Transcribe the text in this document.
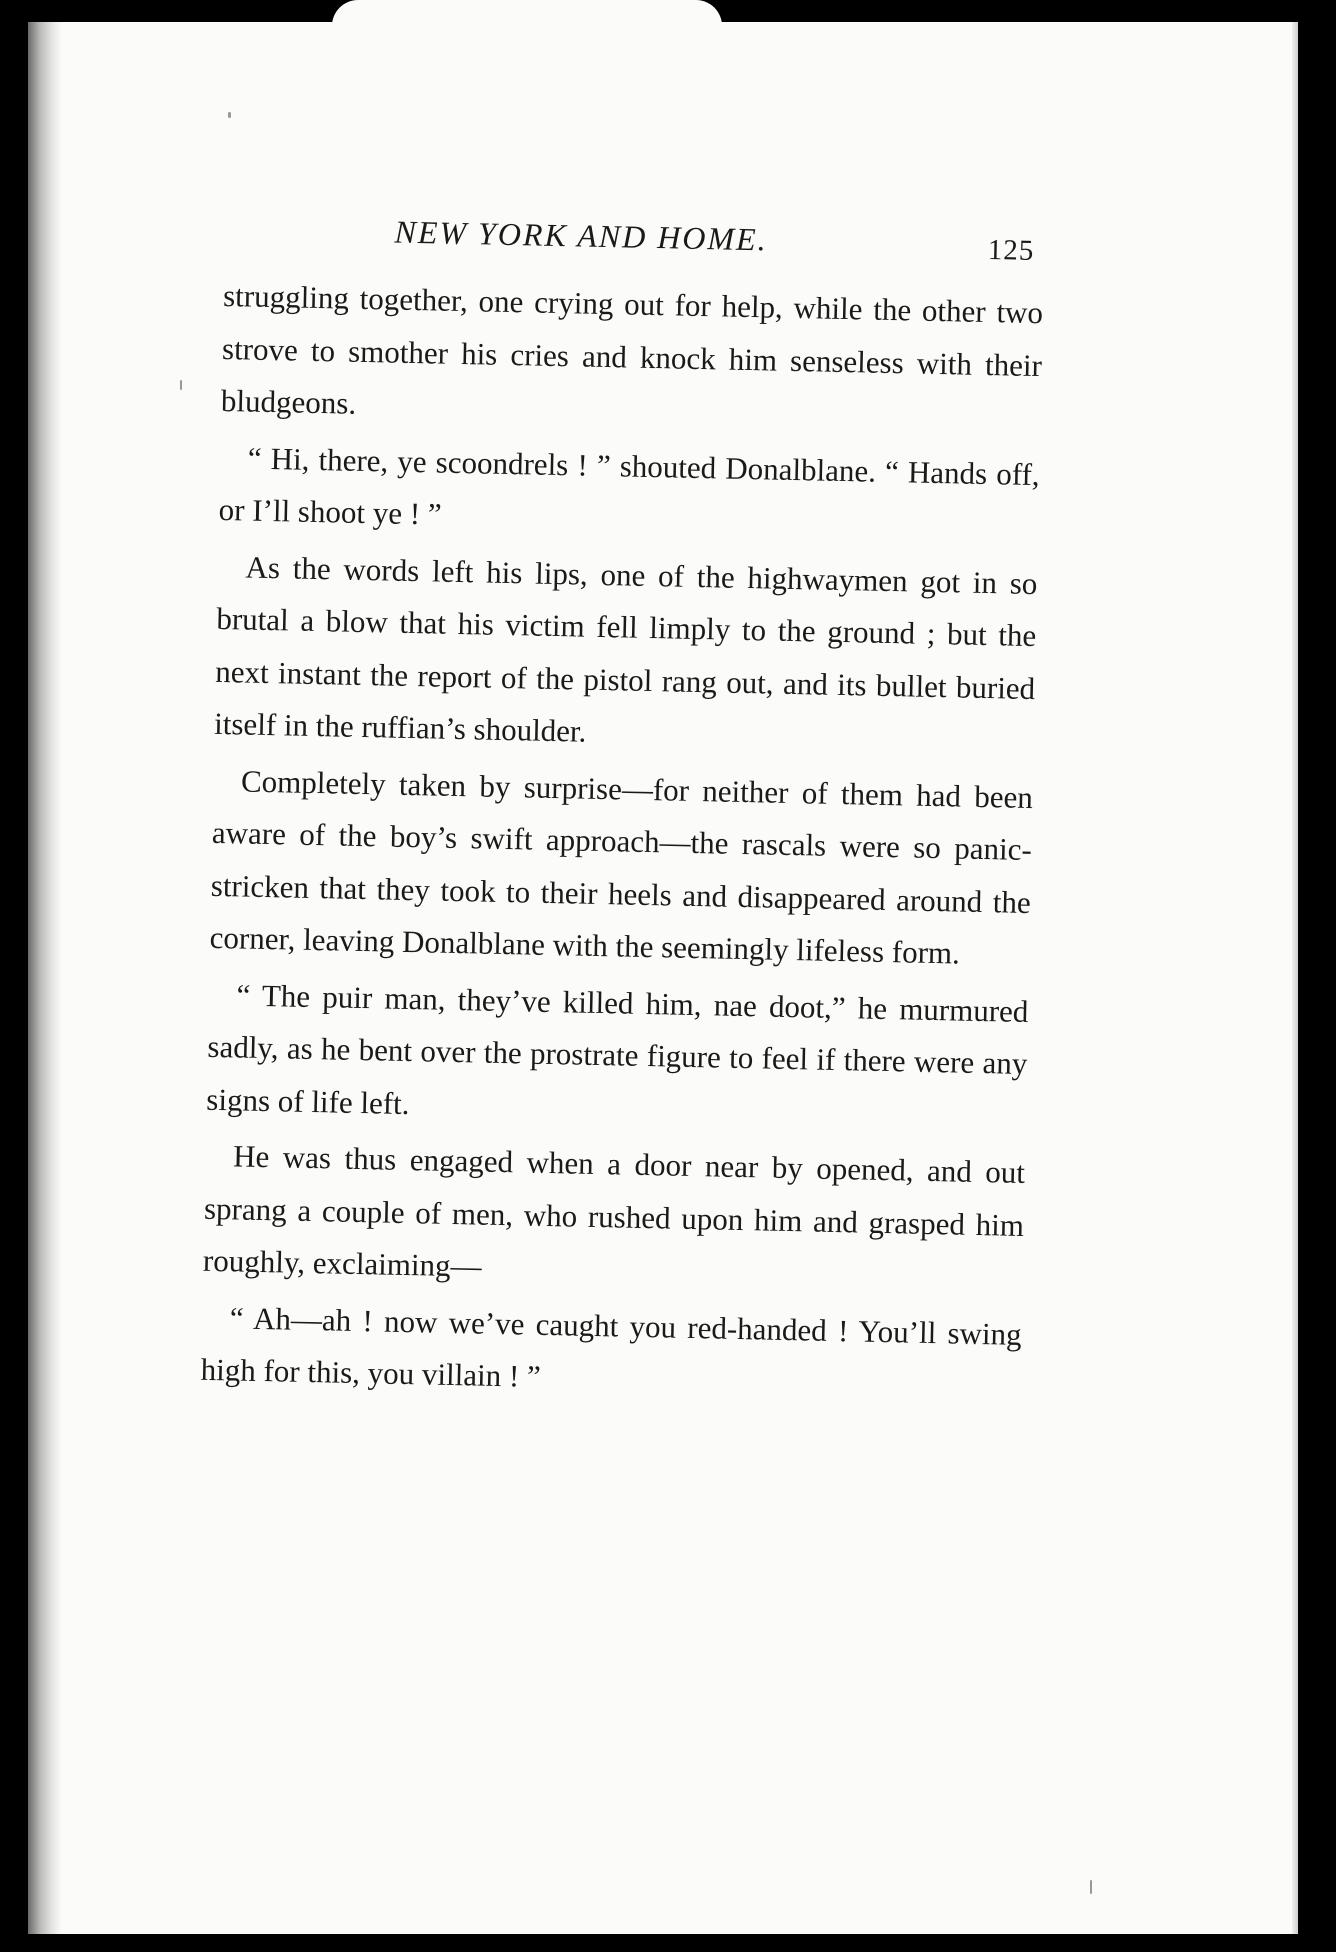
NEW YORK AND HOME.	125

struggling together, one crying out for help, while the other two strove to smother his cries and knock him senseless with their bludgeons.

“ Hi, there, ye scoondrels ! ” shouted Donalblane. “ Hands off, or I’ll shoot ye ! ”

As the words left his lips, one of the highwaymen got in so brutal a blow that his victim fell limply to the ground ; but the next instant the report of the pistol rang out, and its bullet buried itself in the ruffian’s shoulder.

Completely taken by surprise—for neither of them had been aware of the boy’s swift approach—the rascals were so panic-stricken that they took to their heels and disappeared around the corner, leaving Donalblane with the seemingly lifeless form.

“ The puir man, they’ve killed him, nae doot,” he murmured sadly, as he bent over the prostrate figure to feel if there were any signs of life left.

He was thus engaged when a door near by opened, and out sprang a couple of men, who rushed upon him and grasped him roughly, exclaiming—

“ Ah—ah ! now we’ve caught you red-handed ! You’ll swing high for this, you villain ! ”
